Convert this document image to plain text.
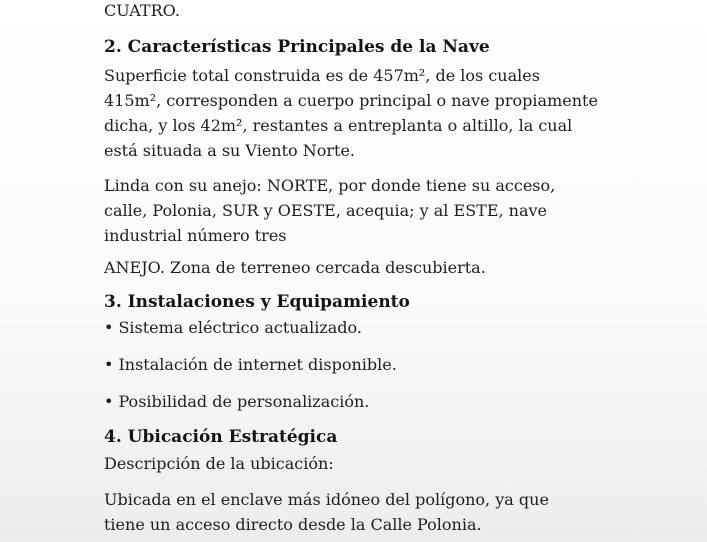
CUATRO.
2. Características Principales de la Nave
Superficie total construida es de 457m², de los cuales
415m², corresponden a cuerpo principal o nave propiamente
dicha, y los 42m², restantes a entreplanta o altillo, la cual
está situada a su Viento Norte.
Linda con su anejo: NORTE, por donde tiene su acceso,
calle, Polonia, SUR y OESTE, acequia; y al ESTE, nave
industrial número tres
ANEJO. Zona de terreneo cercada descubierta.
3. Instalaciones y Equipamiento
• Sistema eléctrico actualizado.
• Instalación de internet disponible.
• Posibilidad de personalización.
4. Ubicación Estratégica
Descripción de la ubicación:
Ubicada en el enclave más idóneo del polígono, ya que
tiene un acceso directo desde la Calle Polonia.
